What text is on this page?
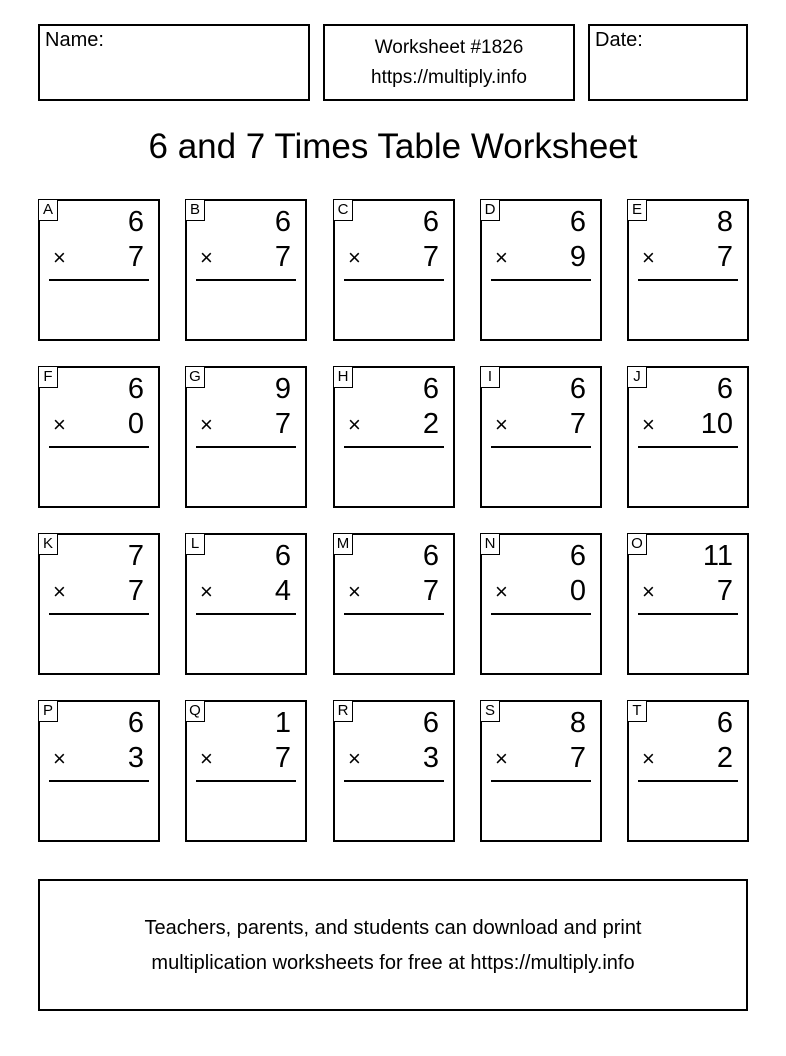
Name:	Worksheet #1826
https://multiply.info
Date:
6 and 7 Times Table Worksheet
A	6
× 7
B	6
× 7
C	6
× 7
D	6
× 9
E	8
× 7
F	6
× 0
G	9
× 7
H	6
× 2
I	6
× 7
J	6
× 10
K	7
× 7
L	6
× 4
M	6
× 7
N	6
× 0
O 11
× 7
P	6
× 3
Q	1
× 7
R	6
× 3
S	8
× 7
T	6
× 2
Teachers, parents, and students can download and print
multiplication worksheets for free at https://multiply.info
